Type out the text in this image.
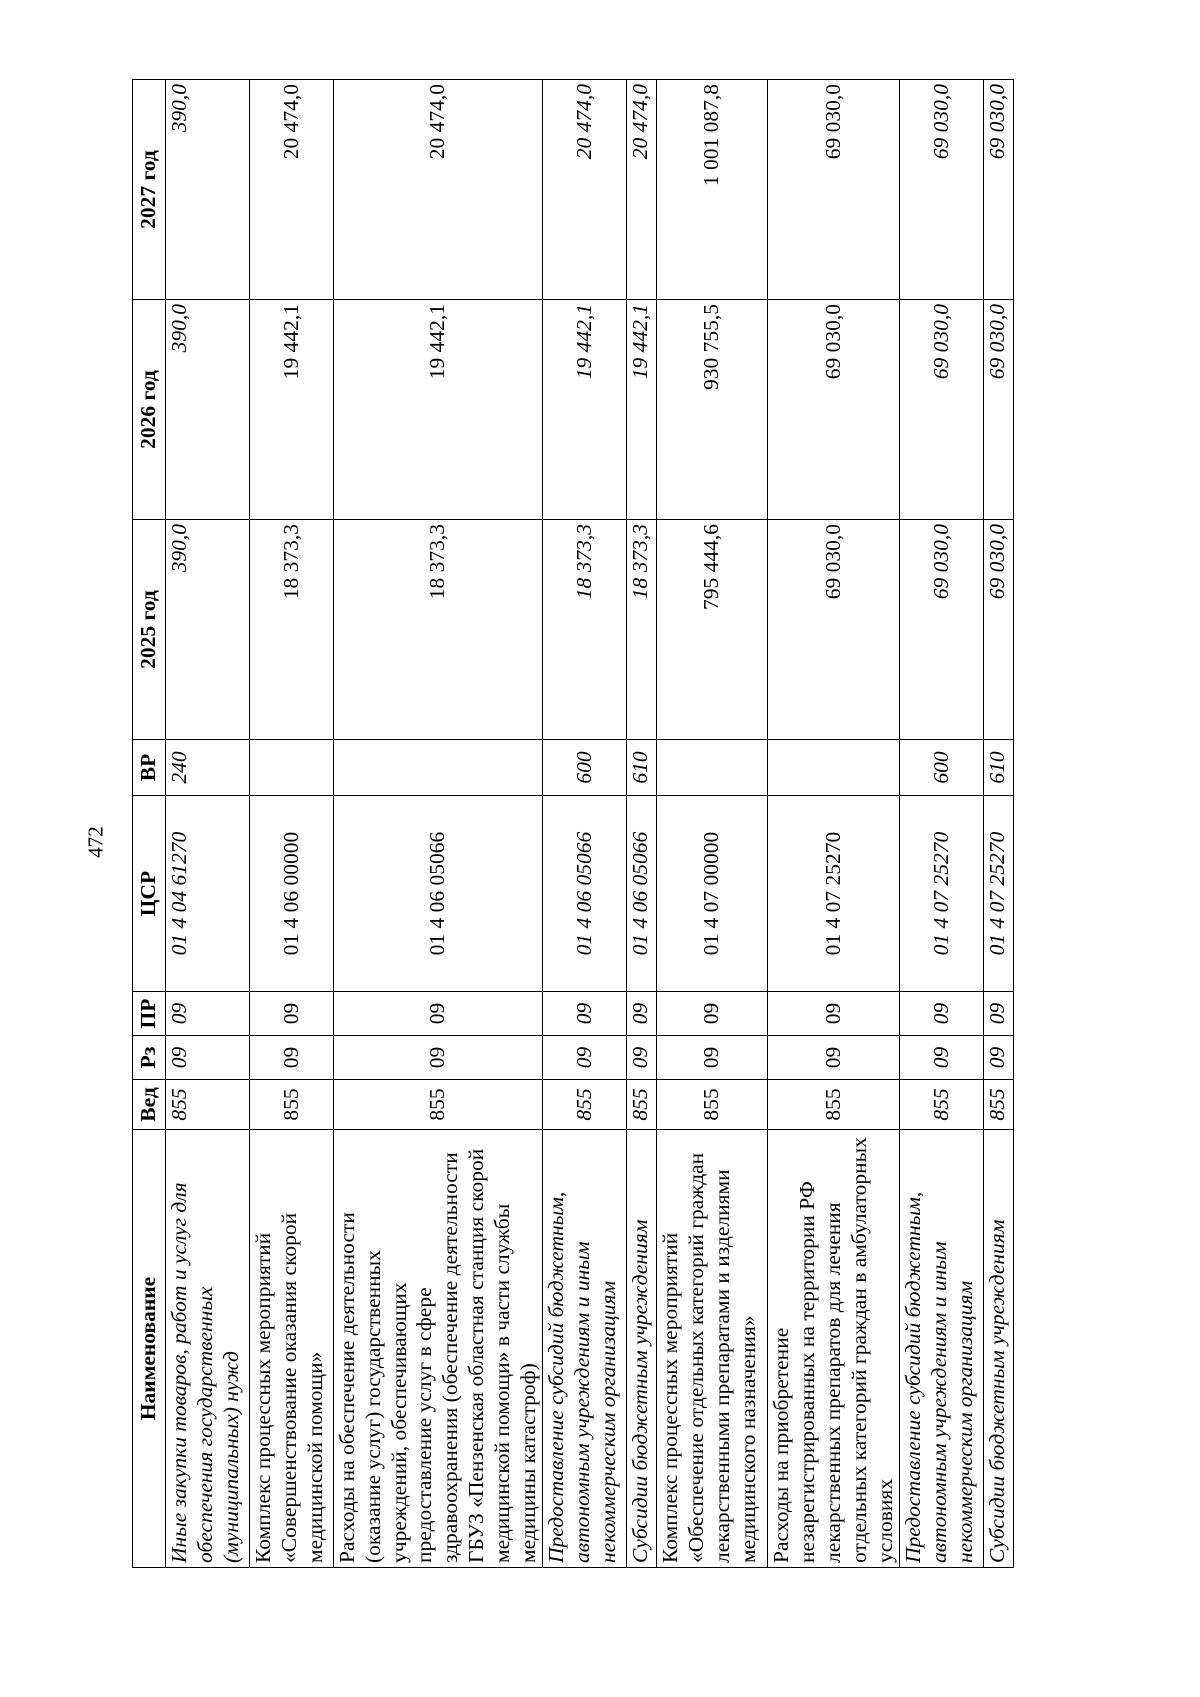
472
Наименование	Вед	Рз	ПР	ЦСР	ВР	2025 год	2026 год	2027 год
Иные закупки товаров, работ и услуг для обеспечения государственных (муниципальных) нужд	855	09	09	01 4 04 61270	240	390,0	390,0	390,0
Комплекс процессных мероприятий «Совершенствование оказания скорой медицинской помощи»	855	09	09	01 4 06 00000		18 373,3	19 442,1	20 474,0
Расходы на обеспечение деятельности (оказание услуг) государственных учреждений, обеспечивающих предоставление услуг в сфере здравоохранения (обеспечение деятельности ГБУЗ «Пензенская областная станция скорой медицинской помощи» в части службы медицины катастроф)	855	09	09	01 4 06 05066		18 373,3	19 442,1	20 474,0
Предоставление субсидий бюджетным, автономным учреждениям и иным некоммерческим организациям	855	09	09	01 4 06 05066	600	18 373,3	19 442,1	20 474,0
Субсидии бюджетным учреждениям	855	09	09	01 4 06 05066	610	18 373,3	19 442,1	20 474,0
Комплекс процессных мероприятий «Обеспечение отдельных категорий граждан лекарственными препаратами и изделиями медицинского назначения»	855	09	09	01 4 07 00000		795 444,6	930 755,5	1 001 087,8
Расходы на приобретение незарегистрированных на территории РФ лекарственных препаратов для лечения отдельных категорий граждан в амбулаторных условиях	855	09	09	01 4 07 25270		69 030,0	69 030,0	69 030,0
Предоставление субсидий бюджетным, автономным учреждениям и иным некоммерческим организациям	855	09	09	01 4 07 25270	600	69 030,0	69 030,0	69 030,0
Субсидии бюджетным учреждениям	855	09	09	01 4 07 25270	610	69 030,0	69 030,0	69 030,0
